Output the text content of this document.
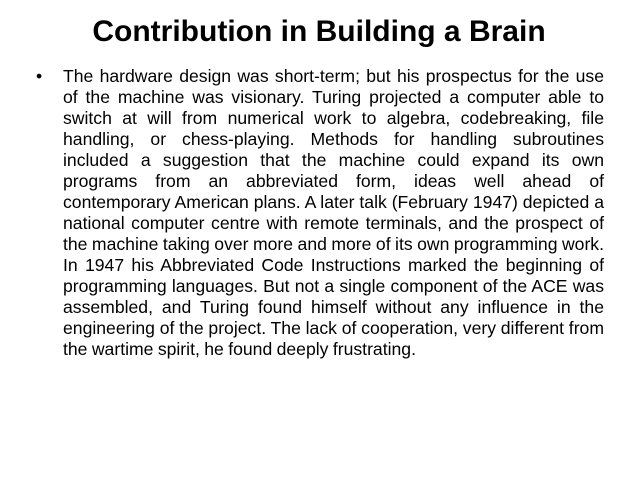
Contribution in Building a Brain
• The hardware design was short-term; but his prospectus for the use of the machine was visionary. Turing projected a computer able to switch at will from numerical work to algebra, codebreaking, file handling, or chess-playing. Methods for handling subroutines included a suggestion that the machine could expand its own programs from an abbreviated form, ideas well ahead of contemporary American plans. A later talk (February 1947) depicted a national computer centre with remote terminals, and the prospect of the machine taking over more and more of its own programming work. In 1947 his Abbreviated Code Instructions marked the beginning of programming languages. But not a single component of the ACE was assembled, and Turing found himself without any influence in the engineering of the project. The lack of cooperation, very different from the wartime spirit, he found deeply frustrating.
